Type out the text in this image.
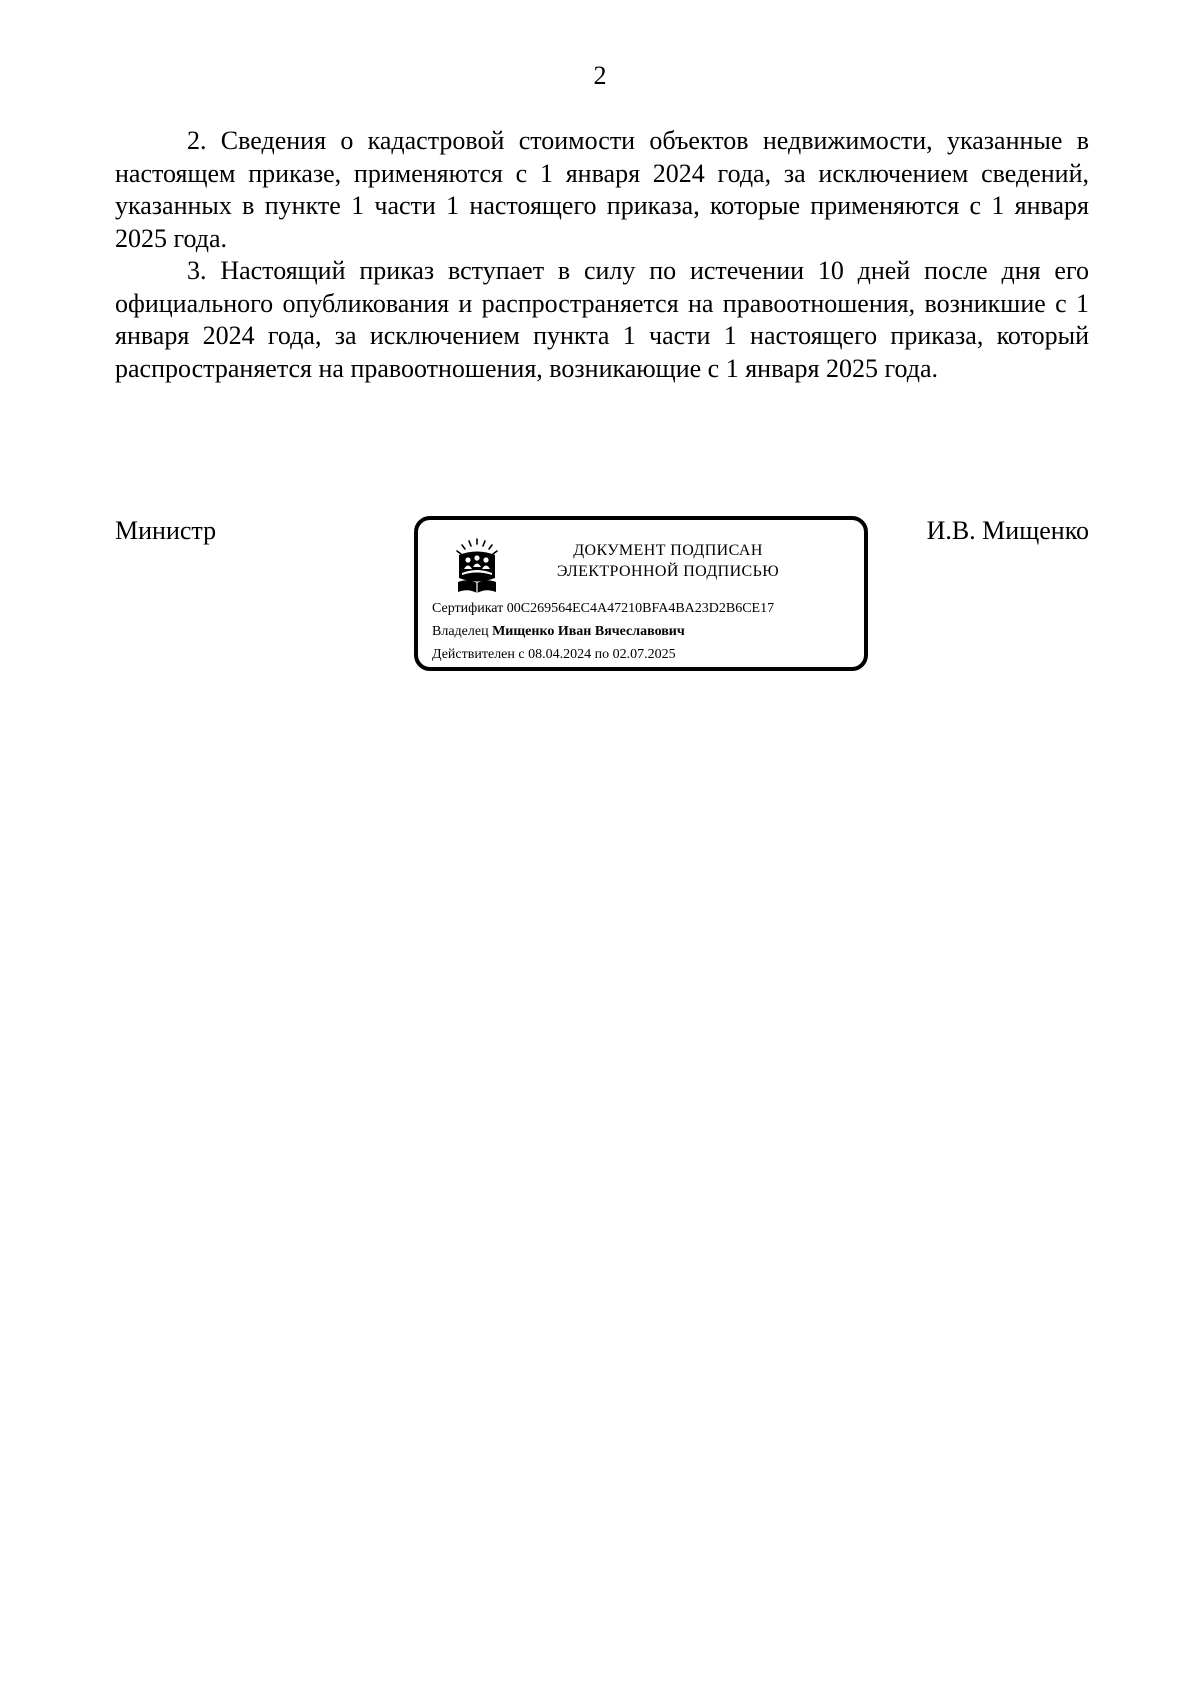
2

2. Сведения о кадастровой стоимости объектов недвижимости, указанные в настоящем приказе, применяются с 1 января 2024 года, за исключением сведений, указанных в пункте 1 части 1 настоящего приказа, которые применяются с 1 января 2025 года.

3. Настоящий приказ вступает в силу по истечении 10 дней после дня его официального опубликования и распространяется на правоотношения, возникшие с 1 января 2024 года, за исключением пункта 1 части 1 настоящего приказа, который распространяется на правоотношения, возникающие с 1 января 2025 года.

Министр	И.В. Мищенко
ДОКУМЕНТ ПОДПИСАН
ЭЛЕКТРОННОЙ ПОДПИСЬЮ
Сертификат 00C269564EC4A47210BFA4BA23D2B6CE17
Владелец Мищенко Иван Вячеславович
Действителен с 08.04.2024 по 02.07.2025
